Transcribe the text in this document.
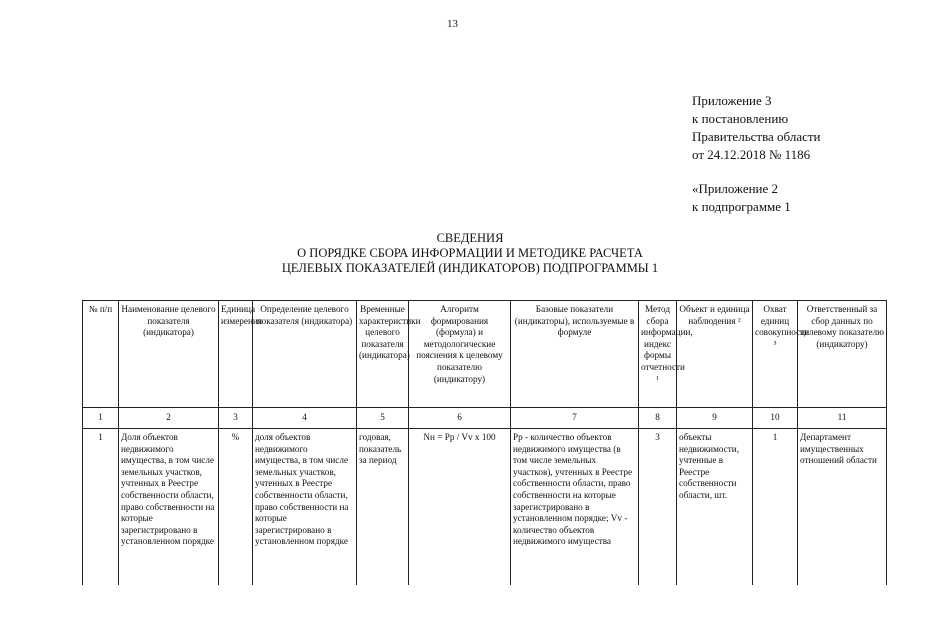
13
Приложение 3
к постановлению
Правительства области
от 24.12.2018 № 1186
«Приложение 2
к подпрограмме 1
СВЕДЕНИЯ
О ПОРЯДКЕ СБОРА ИНФОРМАЦИИ И МЕТОДИКЕ РАСЧЕТА
ЦЕЛЕВЫХ ПОКАЗАТЕЛЕЙ (ИНДИКАТОРОВ) ПОДПРОГРАММЫ 1
№ п/п	Наименование целевого показателя (индикатора)	Единица измерения	Определение целевого показателя (индикатора)	Временные характеристики целевого показателя (индикатора)	Алгоритм формирования (формула) и методологические пояснения к целевому показателю (индикатору)	Базовые показатели (индикаторы), используемые в формуле	Метод сбора информации, индекс формы отчетности ¹	Объект и единица наблюдения ²	Охват единиц совокупности ³	Ответственный за сбор данных по целевому показателю (индикатору)
1	2	3	4	5	6	7	8	9	10	11
1	Доля объектов недвижимого имущества, в том числе земельных участков, учтенных в Реестре собственности области, право собственности на которые зарегистрировано в установленном порядке	%	доля объектов недвижимого имущества, в том числе земельных участков, учтенных в Реестре собственности области, право собственности на которые зарегистрировано в установленном порядке	годовая, показатель за период	Nн = Pp / Vv x 100	Pp - количество объектов недвижимого имущества (в том числе земельных участков), учтенных в Реестре собственности области, право собственности на которые зарегистрировано в установленном порядке; Vv - количество объектов недвижимого имущества	3	объекты недвижимости, учтенные в Реестре собственности области, шт.	1	Департамент имущественных отношений области
